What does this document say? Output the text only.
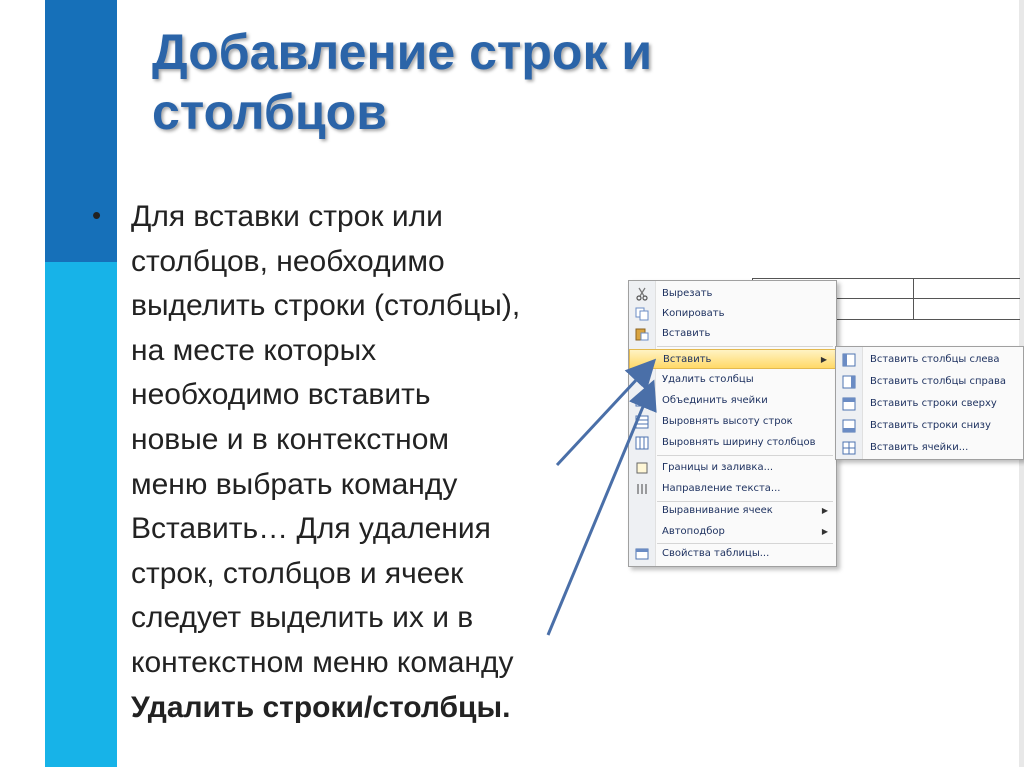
Добавление строк и
столбцов
• Для вставки строк или
столбцов, необходимо
выделить строки (столбцы),
на месте которых
необходимо вставить
новые и в контекстном
меню выбрать команду
Вставить… Для удаления
строк, столбцов и ячеек
следует выделить их и в
контекстном меню команду
Удалить строки/столбцы.
Вырезать
Копировать
Вставить
Вставить	▶
Удалить столбцы
Объединить ячейки
Выровнять высоту строк
Выровнять ширину столбцов
Границы и заливка...
Направление текста...
Выравнивание ячеек	▶
Автоподбор	▶
Свойства таблицы...
Вставить столбцы слева
Вставить столбцы справа
Вставить строки сверху
Вставить строки снизу
Вставить ячейки...
